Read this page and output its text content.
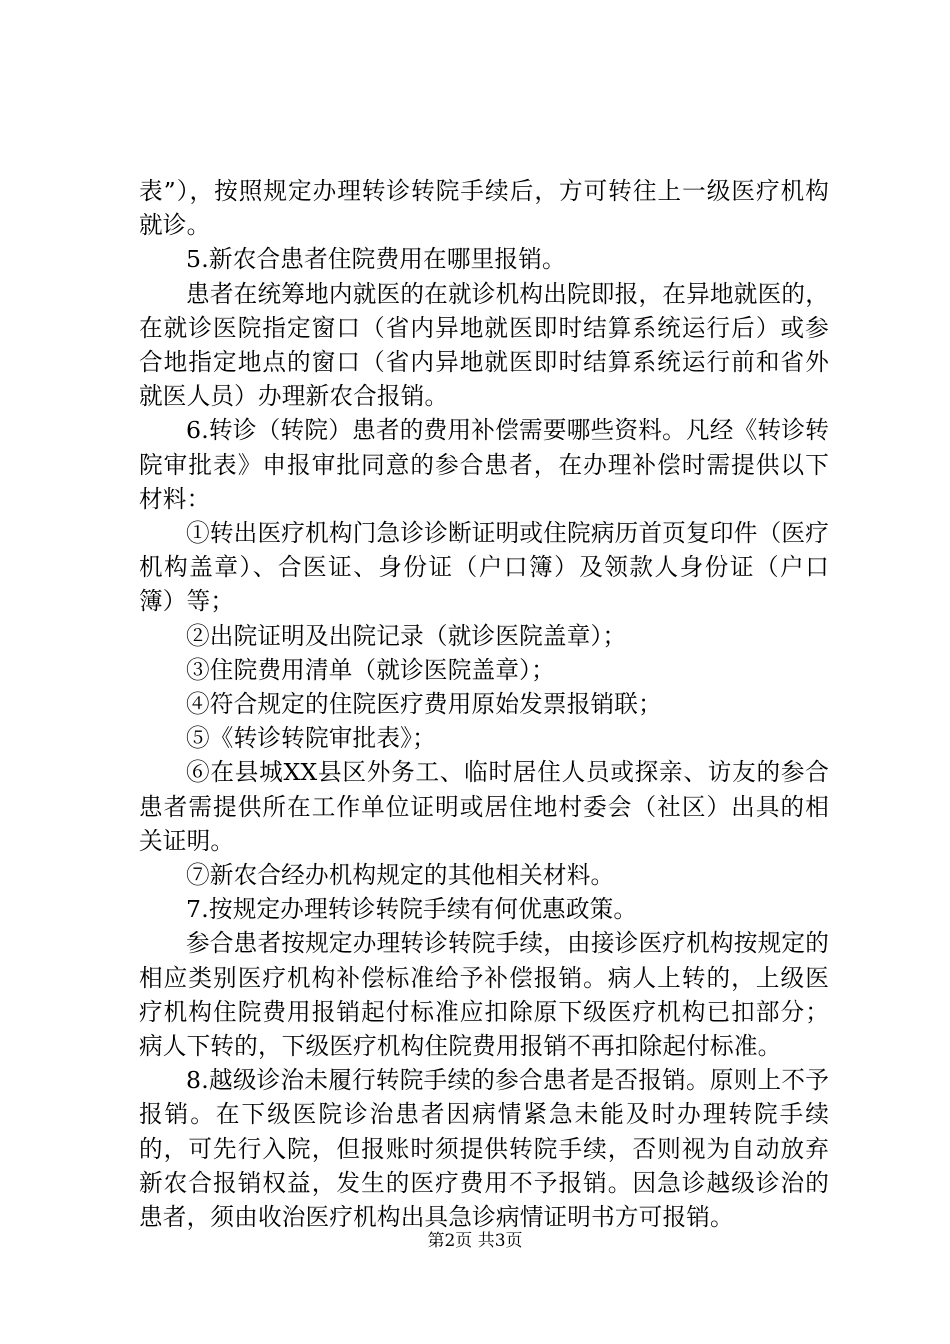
表”），按照规定办理转诊转院手续后，方可转往上一级医疗机构就诊。

5.新农合患者住院费用在哪里报销。

患者在统筹地内就医的在就诊机构出院即报，在异地就医的，在就诊医院指定窗口（省内异地就医即时结算系统运行后）或参合地指定地点的窗口（省内异地就医即时结算系统运行前和省外就医人员）办理新农合报销。

6.转诊（转院）患者的费用补偿需要哪些资料。凡经《转诊转院审批表》申报审批同意的参合患者，在办理补偿时需提供以下材料：

①转出医疗机构门急诊诊断证明或住院病历首页复印件（医疗机构盖章）、合医证、身份证（户口簿）及领款人身份证（户口簿）等；

②出院证明及出院记录（就诊医院盖章）；

③住院费用清单（就诊医院盖章）；

④符合规定的住院医疗费用原始发票报销联；

⑤《转诊转院审批表》；

⑥在县城XX县区外务工、临时居住人员或探亲、访友的参合患者需提供所在工作单位证明或居住地村委会（社区）出具的相关证明。

⑦新农合经办机构规定的其他相关材料。

7.按规定办理转诊转院手续有何优惠政策。

参合患者按规定办理转诊转院手续，由接诊医疗机构按规定的相应类别医疗机构补偿标准给予补偿报销。病人上转的，上级医疗机构住院费用报销起付标准应扣除原下级医疗机构已扣部分；病人下转的，下级医疗机构住院费用报销不再扣除起付标准。

8.越级诊治未履行转院手续的参合患者是否报销。原则上不予报销。在下级医院诊治患者因病情紧急未能及时办理转院手续的，可先行入院，但报账时须提供转院手续，否则视为自动放弃新农合报销权益，发生的医疗费用不予报销。因急诊越级诊治的患者，须由收治医疗机构出具急诊病情证明书方可报销。

第2页 共3页
